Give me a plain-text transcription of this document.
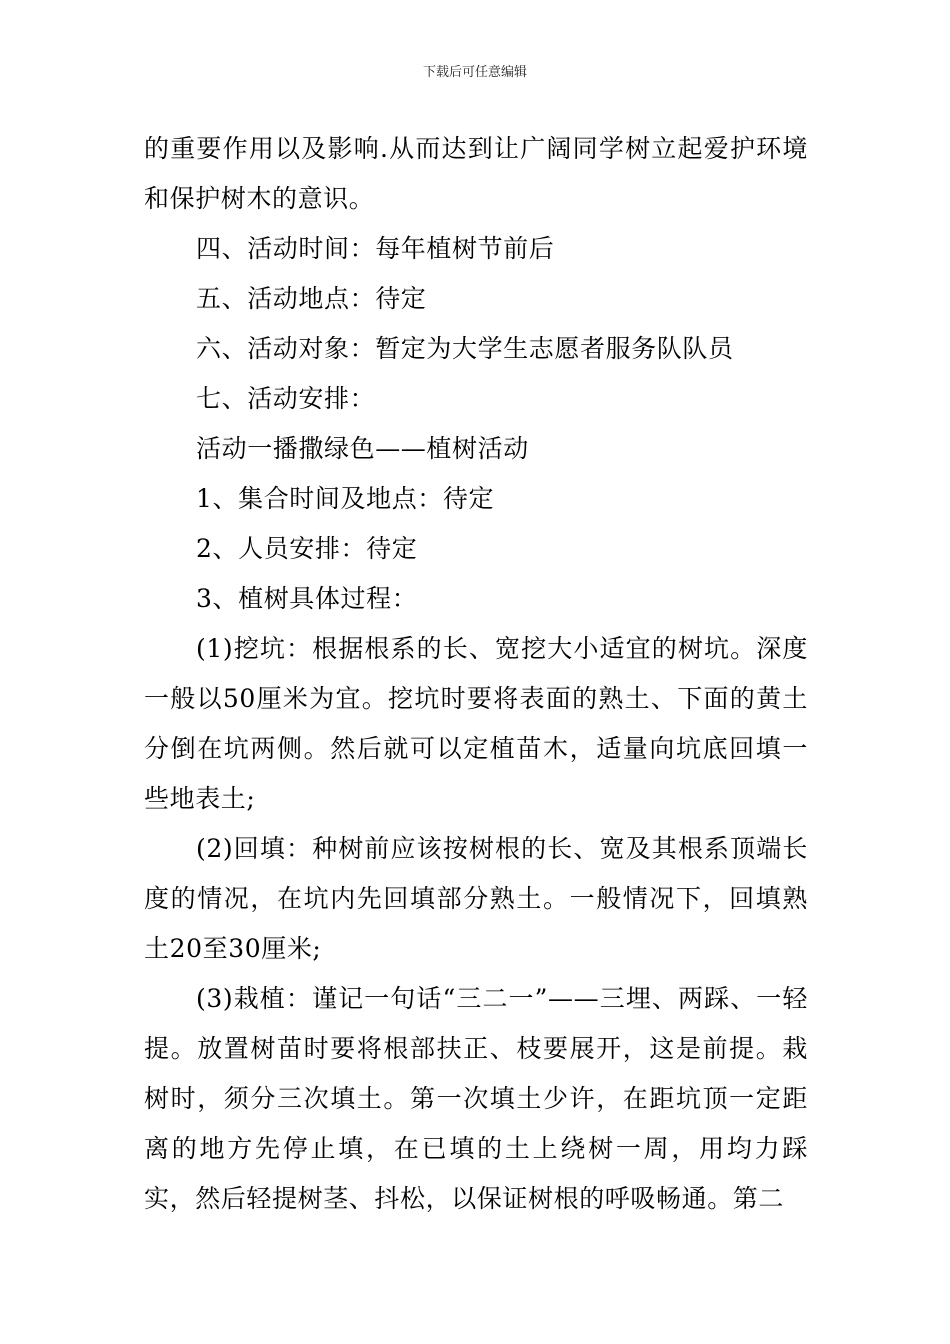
下载后可任意编辑

的重要作用以及影响.从而达到让广阔同学树立起爱护环境和保护树木的意识。

四、活动时间：每年植树节前后

五、活动地点：待定

六、活动对象：暂定为大学生志愿者服务队队员

七、活动安排：

活动一播撒绿色——植树活动

1、集合时间及地点：待定

2、人员安排：待定

3、植树具体过程：

(1)挖坑：根据根系的长、宽挖大小适宜的树坑。深度一般以50厘米为宜。挖坑时要将表面的熟土、下面的黄土分倒在坑两侧。然后就可以定植苗木，适量向坑底回填一些地表土;

(2)回填：种树前应该按树根的长、宽及其根系顶端长度的情况，在坑内先回填部分熟土。一般情况下，回填熟土20至30厘米;

(3)栽植：谨记一句话“三二一”——三埋、两踩、一轻提。放置树苗时要将根部扶正、枝要展开，这是前提。栽树时，须分三次填土。第一次填土少许，在距坑顶一定距离的地方先停止填，在已填的土上绕树一周，用均力踩实，然后轻提树茎、抖松，以保证树根的呼吸畅通。第二
